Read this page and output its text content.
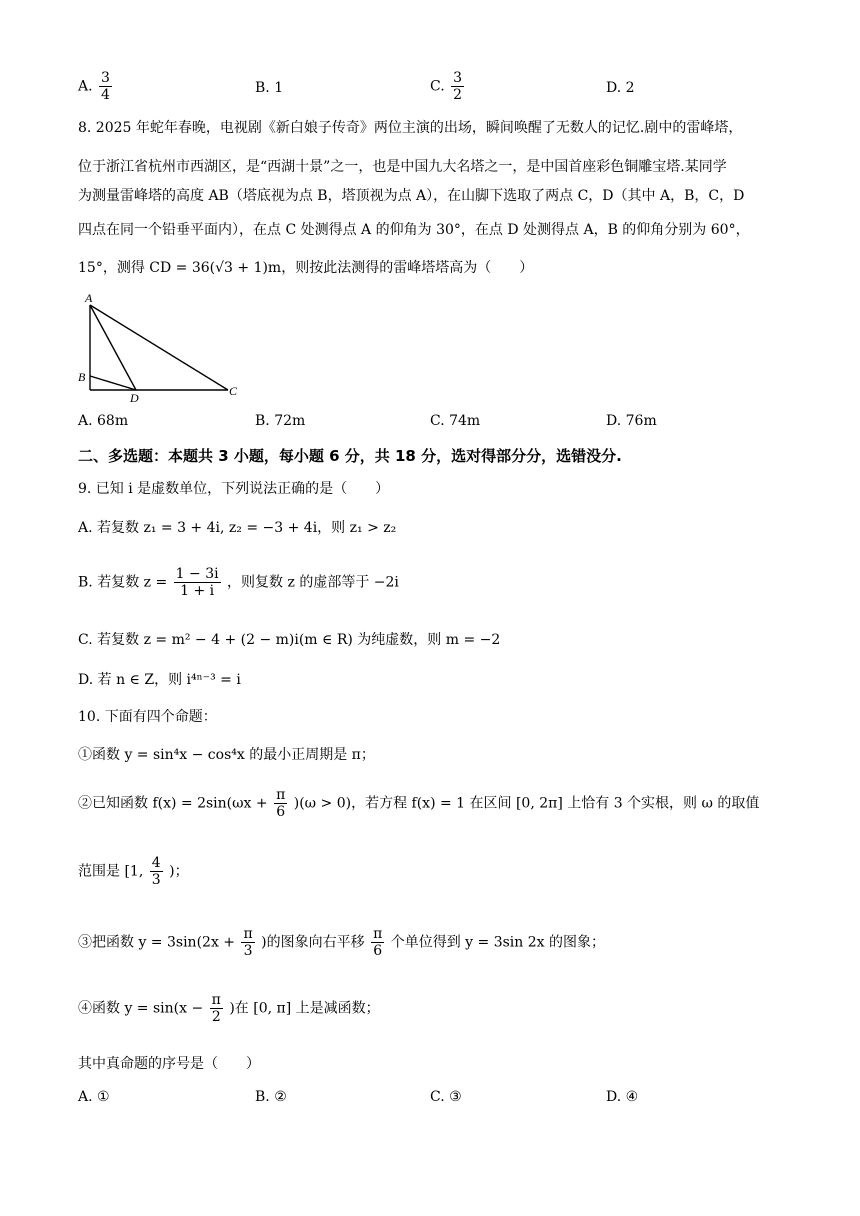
A. $\frac{3}{4}$	B. 1	C. $\frac{3}{2}$	D. 2
8. 2025 年蛇年春晚，电视剧《新白娘子传奇》两位主演的出场，瞬间唤醒了无数人的记忆.剧中的雷峰塔，
位于浙江省杭州市西湖区，是“西湖十景”之一，也是中国九大名塔之一，是中国首座彩色铜雕宝塔.某同学
为测量雷峰塔的高度 AB（塔底视为点 B，塔顶视为点 A），在山脚下选取了两点 C，D（其中 A，B，C，D
四点在同一个铅垂平面内），在点 C 处测得点 A 的仰角为 30°，在点 D 处测得点 A，B 的仰角分别为 60°，
15°，测得 CD = 36(√3 + 1)m，则按此法测得的雷峰塔塔高为（　　）
A
B
D	C
A. 68m	B. 72m	C. 74m	D. 76m
二、多选题：本题共 3 小题，每小题 6 分，共 18 分，选对得部分分，选错没分.
9. 已知 i 是虚数单位，下列说法正确的是（　　）
A. 若复数 z₁ = 3 + 4i, z₂ = −3 + 4i，则 z₁ > z₂
B. 若复数 $z = \frac{1 - 3i}{1 + i}$ ，则复数 z 的虚部等于 −2i
C. 若复数 z = m² − 4 + (2 − m)i(m ∈ R) 为纯虚数，则 m = −2
D. 若 n ∈ Z，则 i⁴ⁿ⁻³ = i
10. 下面有四个命题：
①函数 y = sin⁴x − cos⁴x 的最小正周期是 π；
②已知函数 $f(x) = 2\sin(\omega x + \frac{\pi}{6} )(\omega > 0)$，若方程 f(x) = 1 在区间 [0, 2π] 上恰有 3 个实根，则 ω 的取值
范围是 [1, $\frac{4}{3}$ )；
③把函数 $y = 3\sin(2x + \frac{\pi}{3}$ )的图象向右平移 $\frac{\pi}{6}$ 个单位得到 y = 3sin 2x 的图象；
④函数 $y = \sin(x - \frac{\pi}{2}$ )在 [0, π] 上是减函数；
其中真命题的序号是（　　）
A. ①	B. ②	C. ③	D. ④
